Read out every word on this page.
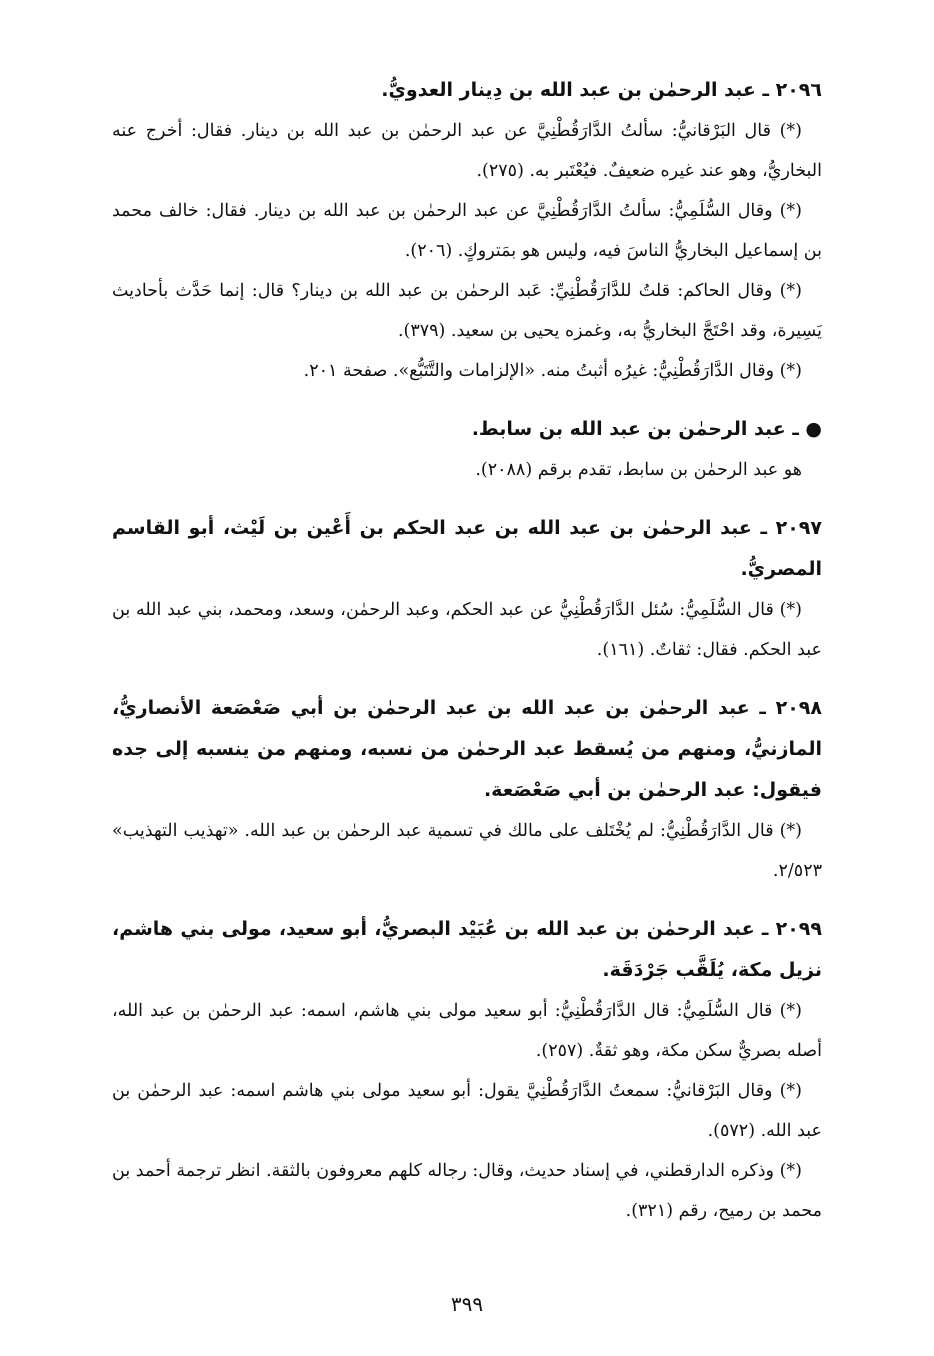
٢٠٩٦ ـ عبد الرحمٰن بن عبد الله بن دِينار العدويُّ.

(*) قال البَرْقانيُّ: سألتُ الدَّارَقُطْنِيَّ عن عبد الرحمٰن بن عبد الله بن دينار. فقال: أخرج عنه البخاريُّ، وهو عند غيره ضعيفٌ. فيُعْتَبر به. (٢٧٥).

(*) وقال السُّلَمِيُّ: سألتُ الدَّارَقُطْنِيَّ عن عبد الرحمٰن بن عبد الله بن دينار. فقال: خالف محمد بن إسماعيل البخاريُّ الناسَ فيه، وليس هو بمَتروكٍ. (٢٠٦).

(*) وقال الحاكم: قلتُ للدَّارَقُطْنِيِّ: عَبد الرحمٰن بن عبد الله بن دينار؟ قال: إنما حَدَّث بأحاديث يَسِيرة، وقد احْتَجَّ البخاريُّ به، وغمزه يحيى بن سعيد. (٣٧٩).

(*) وقال الدَّارَقُطْنِيُّ: غيرُه أثبتُ منه. «الإلزامات والتَّتَبُّع». صفحة ٢٠١.

● ـ عبد الرحمٰن بن عبد الله بن سابط.

هو عبد الرحمٰن بن سابط، تقدم برقم (٢٠٨٨).

٢٠٩٧ ـ عبد الرحمٰن بن عبد الله بن عبد الحكم بن أَعْين بن لَيْث، أبو القاسم المصريُّ.

(*) قال السُّلَمِيُّ: سُئل الدَّارَقُطْنِيُّ عن عبد الحكم، وعبد الرحمٰن، وسعد، ومحمد، بني عبد الله بن عبد الحكم. فقال: ثقاتٌ. (١٦١).

٢٠٩٨ ـ عبد الرحمٰن بن عبد الله بن عبد الرحمٰن بن أبي صَعْصَعة الأنصاريُّ، المازنيُّ، ومنهم من يُسقط عبد الرحمٰن من نسبه، ومنهم من ينسبه إلى جده فيقول: عبد الرحمٰن بن أبي صَعْصَعة.

(*) قال الدَّارَقُطْنِيُّ: لم يُخْتَلف على مالك في تسمية عبد الرحمٰن بن عبد الله. «تهذيب التهذيب» ٢/٥٢٣.

٢٠٩٩ ـ عبد الرحمٰن بن عبد الله بن عُبَيْد البصريُّ، أبو سعيد، مولى بني هاشم، نزيل مكة، يُلَقَّب جَرْدَقَة.

(*) قال السُّلَمِيُّ: قال الدَّارَقُطْنِيُّ: أبو سعيد مولى بني هاشم، اسمه: عبد الرحمٰن بن عبد الله، أصله بصريٌّ سكن مكة، وهو ثقةٌ. (٢٥٧).

(*) وقال البَرْقانيُّ: سمعتُ الدَّارَقُطْنِيَّ يقول: أبو سعيد مولى بني هاشم اسمه: عبد الرحمٰن بن عبد الله. (٥٧٢).

(*) وذكره الدارقطني، في إسناد حديث، وقال: رجاله كلهم معروفون بالثقة. انظر ترجمة أحمد بن محمد بن رميح، رقم (٣٢١).

٣٩٩
